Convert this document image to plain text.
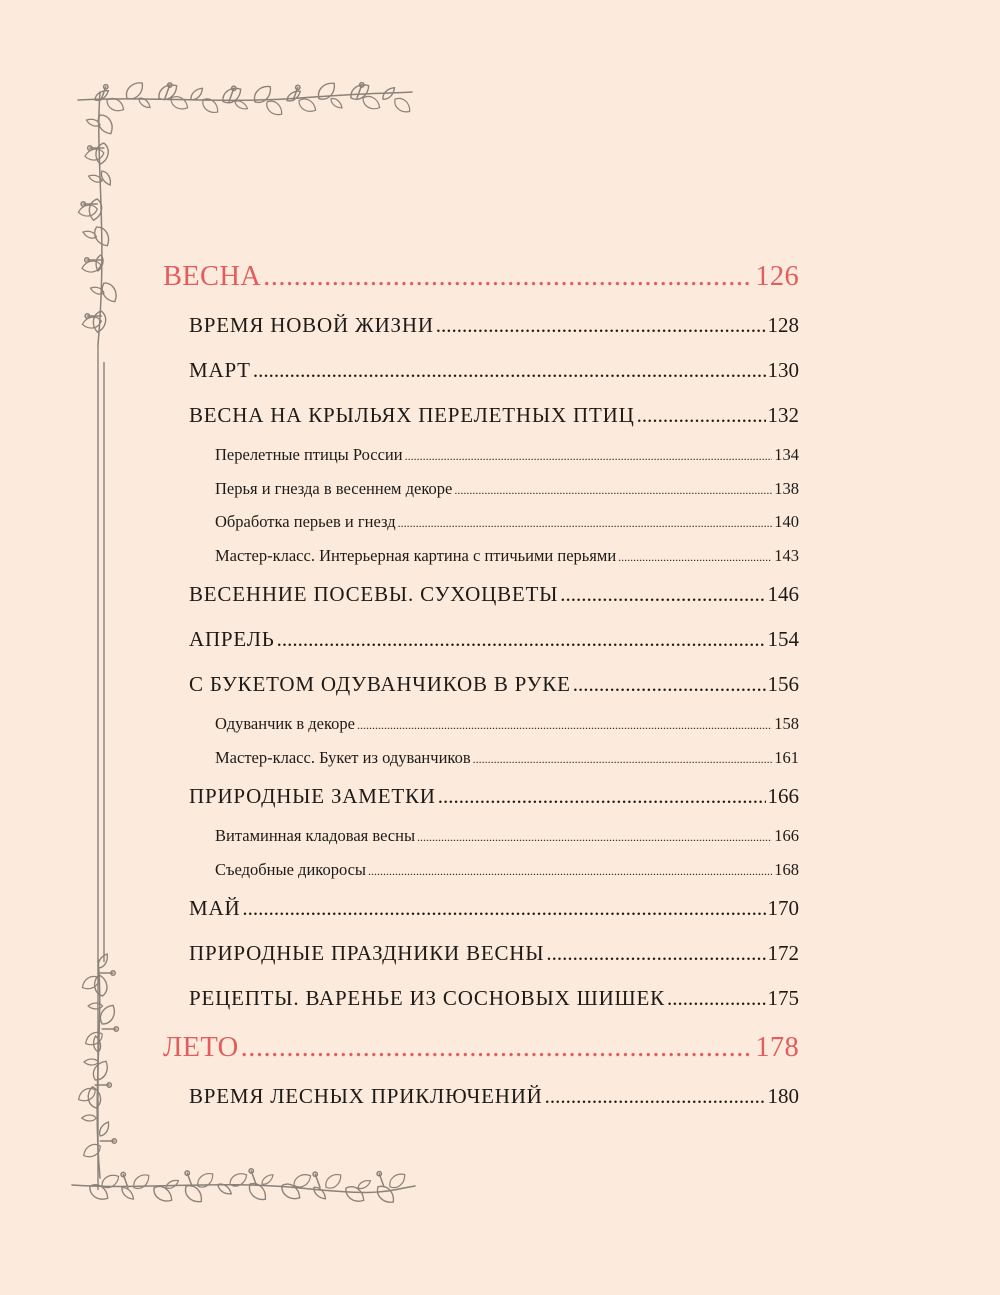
ВЕСНА .....	126
ВРЕМЯ НОВОЙ ЖИЗНИ .....	128
МАРТ .....	130
ВЕСНА НА КРЫЛЬЯХ ПЕРЕЛЕТНЫХ ПТИЦ .....	132
Перелетные птицы России .....	134
Перья и гнезда в весеннем декоре .....	138
Обработка перьев и гнезд .....	140
Мастер-класс. Интерьерная картина с птичьими перьями .....	143
ВЕСЕННИЕ ПОСЕВЫ. СУХОЦВЕТЫ .....	146
АПРЕЛЬ .....	154
С БУКЕТОМ ОДУВАНЧИКОВ В РУКЕ .....	156
Одуванчик в декоре .....	158
Мастер-класс. Букет из одуванчиков .....	161
ПРИРОДНЫЕ ЗАМЕТКИ .....	166
Витаминная кладовая весны .....	166
Съедобные дикоросы .....	168
МАЙ .....	170
ПРИРОДНЫЕ ПРАЗДНИКИ ВЕСНЫ .....	172
РЕЦЕПТЫ. ВАРЕНЬЕ ИЗ СОСНОВЫХ ШИШЕК .....	175
ЛЕТО .....	178
ВРЕМЯ ЛЕСНЫХ ПРИКЛЮЧЕНИЙ .....	180
